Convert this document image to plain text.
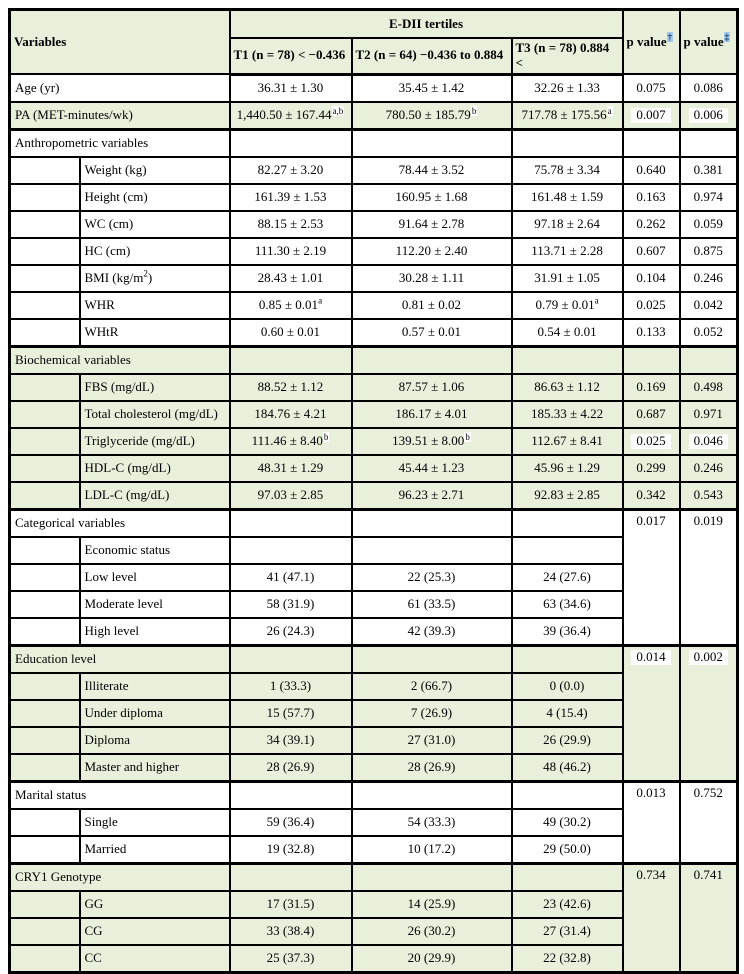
Variables		E-DII tertiles			p value†	p value‡
		T1 (n = 78) < −0.436	T2 (n = 64) −0.436 to 0.884	T3 (n = 78) 0.884 <		
Age (yr)		36.31 ± 1.30	35.45 ± 1.42	32.26 ± 1.33	0.075	0.086
PA (MET-minutes/wk)		$1,440.50 \pm 167.44^{a,b}$	780.50 ± 185.79$^b$	717.78 ± 175.56$^a$	0.007	0.006
Anthropometric variables						
	Weight (kg)	82.27 ± 3.20	78.44 ± 3.52	75.78 ± 3.34	0.640	0.381
	Height (cm)	161.39 ± 1.53	160.95 ± 1.68	161.48 ± 1.59	0.163	0.974
	WC (cm)	88.15 ± 2.53	91.64 ± 2.78	97.18 ± 2.64	0.262	0.059
	HC (cm)	111.30 ± 2.19	112.20 ± 2.40	113.71 ± 2.28	0.607	0.875
	BMI $(kg/m^2)$	28.43 ± 1.01	30.28 ± 1.11	31.91 ± 1.05	0.104	0.246
	WHR	0.85 ± 0.01$^a$	0.81 ± 0.02	0.79 ± 0.01$^a$	0.025	0.042
	WHtR	0.60 ± 0.01	0.57 ± 0.01	0.54 ± 0.01	0.133	0.052
Biochemical variables						
	FBS (mg/dL)	88.52 ± 1.12	87.57 ± 1.06	86.63 ± 1.12	0.169	0.498
	Total cholesterol (mg/dL)	184.76 ± 4.21	186.17 ± 4.01	185.33 ± 4.22	0.687	0.971
	Triglyceride (mg/dL)	111.46 ± 8.40$^b$	139.51 ± 8.00$^b$	112.67 ± 8.41	0.025	0.046
	HDL-C (mg/dL)	48.31 ± 1.29	45.44 ± 1.23	45.96 ± 1.29	0.299	0.246
	LDL-C (mg/dL)	97.03 ± 2.85	96.23 ± 2.71	92.83 ± 2.85	0.342	0.543
Categorical variables					0.017	0.019
	Economic status					
	Low level	41 (47.1)	22 (25.3)	24 (27.6)		
	Moderate level	58 (31.9)	61 (33.5)	63 (34.6)		
	High level	26 (24.3)	42 (39.3)	39 (36.4)		
Education level					0.014	0.002
	Illiterate	1 (33.3)	2 (66.7)	0 (0.0)		
	Under diploma	15 (57.7)	7 (26.9)	4 (15.4)		
	Diploma	34 (39.1)	27 (31.0)	26 (29.9)		
	Master and higher	28 (26.9)	28 (26.9)	48 (46.2)		
Marital status					0.013	0.752
	Single	59 (36.4)	54 (33.3)	49 (30.2)		
	Married	19 (32.8)	10 (17.2)	29 (50.0)		
CRY1 Genotype					0.734	0.741
	GG	17 (31.5)	14 (25.9)	23 (42.6)		
	CG	33 (38.4)	26 (30.2)	27 (31.4)		
	CC	25 (37.3)	20 (29.9)	22 (32.8)		
